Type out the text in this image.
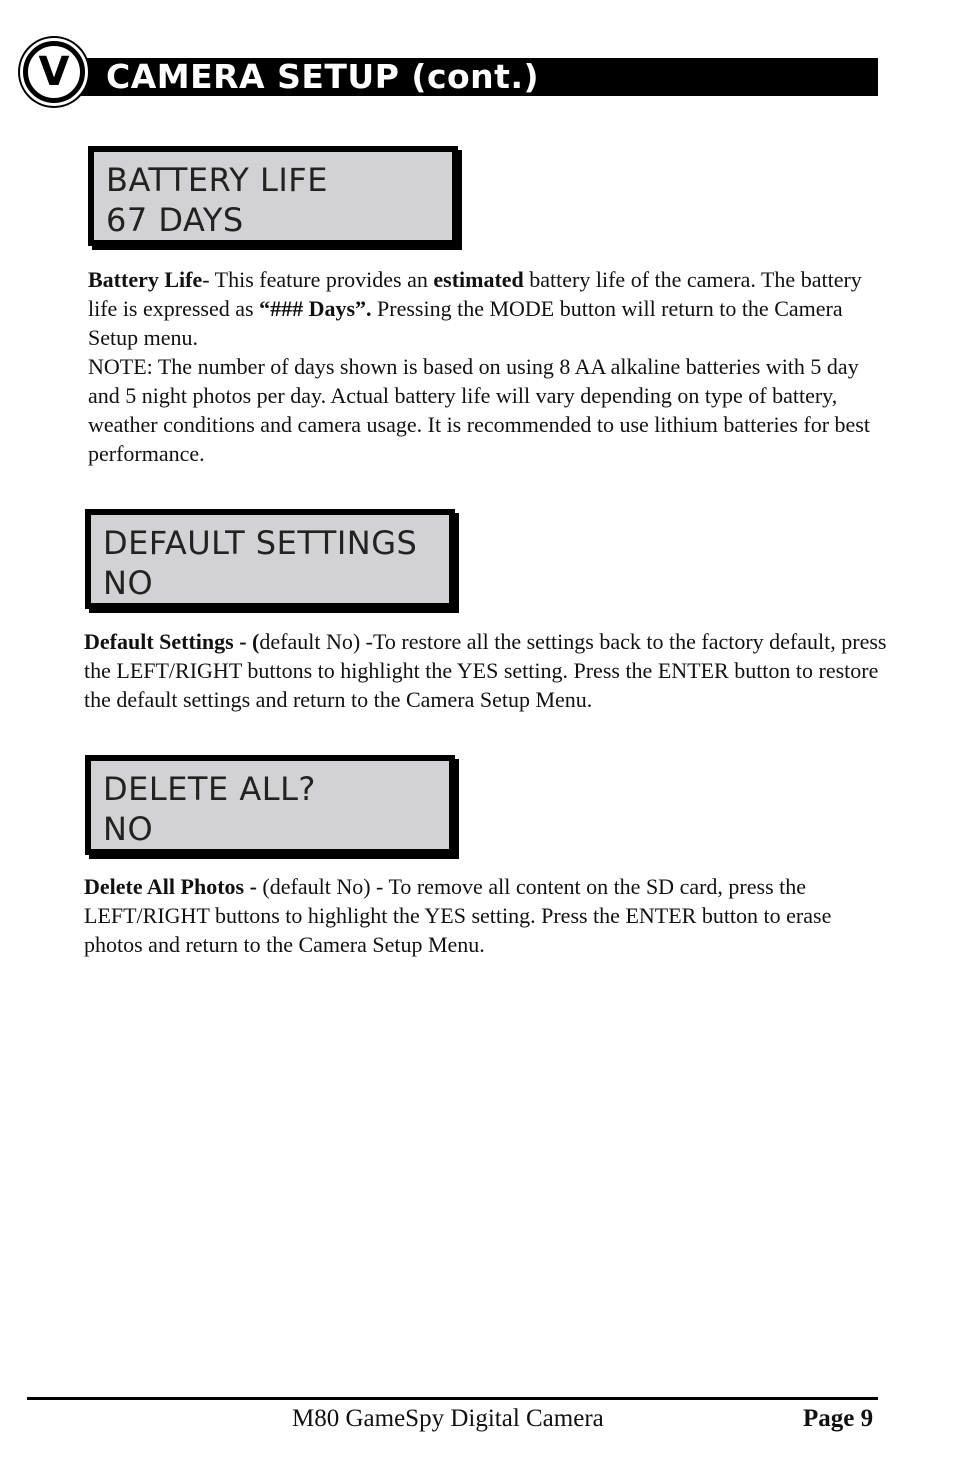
CAMERA SETUP (cont.)
V
BATTERY LIFE
67 DAYS

Battery Life- This feature provides an estimated battery life of the camera. The battery life is expressed as “### Days”. Pressing the MODE button will return to the Camera Setup menu.

NOTE: The number of days shown is based on using 8 AA alkaline batteries with 5 day and 5 night photos per day. Actual battery life will vary depending on type of battery, weather conditions and camera usage. It is recommended to use lithium batteries for best performance.

DEFAULT SETTINGS
NO

Default Settings - (default No) -To restore all the settings back to the factory default, press the LEFT/RIGHT buttons to highlight the YES setting. Press the ENTER button to restore the default settings and return to the Camera Setup Menu.

DELETE ALL?
NO

Delete All Photos - (default No) - To remove all content on the SD card, press the LEFT/RIGHT buttons to highlight the YES setting. Press the ENTER button to erase photos and return to the Camera Setup Menu.

M80 GameSpy Digital Camera	Page 9
